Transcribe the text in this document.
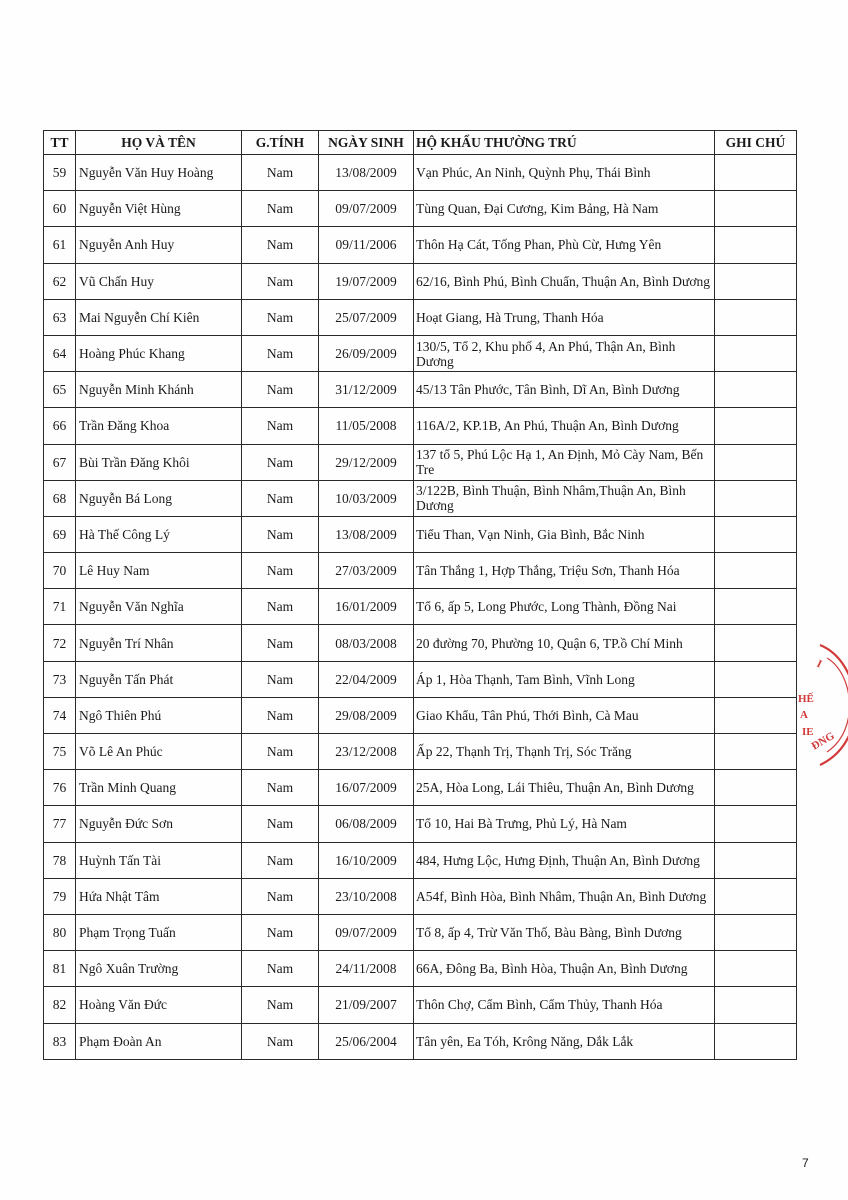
TT	HỌ VÀ TÊN	G.TÍNH	NGÀY SINH	HỘ KHẨU THƯỜNG TRÚ	GHI CHÚ
59	Nguyễn Văn Huy Hoàng	Nam	13/08/2009	Vạn Phúc, An Ninh, Quỳnh Phụ, Thái Bình	
60	Nguyễn Việt Hùng	Nam	09/07/2009	Tùng Quan, Đại Cương, Kim Bảng, Hà Nam	
61	Nguyễn Anh Huy	Nam	09/11/2006	Thôn Hạ Cát, Tống Phan, Phù Cừ, Hưng Yên	
62	Vũ Chấn Huy	Nam	19/07/2009	62/16, Bình Phú, Bình Chuẩn, Thuận An, Bình Dương	
63	Mai Nguyễn Chí Kiên	Nam	25/07/2009	Hoạt Giang, Hà Trung, Thanh Hóa	
64	Hoàng Phúc Khang	Nam	26/09/2009	130/5, Tổ 2, Khu phố 4, An Phú, Thận An, Bình Dương	
65	Nguyễn Minh Khánh	Nam	31/12/2009	45/13 Tân Phước, Tân Bình, Dĩ An, Bình Dương	
66	Trần Đăng Khoa	Nam	11/05/2008	116A/2, KP.1B, An Phú, Thuận An, Bình Dương	
67	Bùi Trần Đăng Khôi	Nam	29/12/2009	137 tổ 5, Phú Lộc Hạ 1, An Định, Mỏ Cày Nam, Bến Tre	
68	Nguyễn Bá Long	Nam	10/03/2009	3/122B, Bình Thuận, Bình Nhâm,Thuận An, Bình Dương	
69	Hà Thế Công Lý	Nam	13/08/2009	Tiểu Than, Vạn Ninh, Gia Bình, Bắc Ninh	
70	Lê Huy Nam	Nam	27/03/2009	Tân Thắng 1, Hợp Thắng, Triệu Sơn, Thanh Hóa	
71	Nguyễn Văn Nghĩa	Nam	16/01/2009	Tổ 6, ấp 5, Long Phước, Long Thành, Đồng Nai	
72	Nguyễn Trí Nhân	Nam	08/03/2008	20 đường 70, Phường 10, Quận 6, TP.ồ Chí Minh	
73	Nguyễn Tấn Phát	Nam	22/04/2009	Áp 1, Hòa Thạnh, Tam Bình, Vĩnh Long	
74	Ngô Thiên Phú	Nam	29/08/2009	Giao Khẩu, Tân Phú, Thới Bình, Cà Mau	
75	Võ Lê An Phúc	Nam	23/12/2008	Ấp 22, Thạnh Trị, Thạnh Trị, Sóc Trăng	
76	Trần Minh Quang	Nam	16/07/2009	25A, Hòa Long, Lái Thiêu, Thuận An, Bình Dương	
77	Nguyễn Đức Sơn	Nam	06/08/2009	Tổ 10, Hai Bà Trưng, Phủ Lý, Hà Nam	
78	Huỳnh Tấn Tài	Nam	16/10/2009	484, Hưng Lộc, Hưng Định, Thuận An, Bình Dương	
79	Hứa Nhật Tâm	Nam	23/10/2008	A54f, Bình Hòa, Bình Nhâm, Thuận An, Bình Dương	
80	Phạm Trọng Tuấn	Nam	09/07/2009	Tổ 8, ấp 4, Trừ Văn Thố, Bàu Bàng, Bình Dương	
81	Ngô Xuân Trường	Nam	24/11/2008	66A, Đông Ba, Bình Hòa, Thuận An, Bình Dương	
82	Hoàng Văn Đức	Nam	21/09/2007	Thôn Chợ, Cẩm Bình, Cẩm Thủy, Thanh Hóa	
83	Phạm Đoàn An	Nam	25/06/2004	Tân yên, Ea Tóh, Krông Năng, Dắk Lắk	
I
HẾ
A
IE
ĐNG
7
